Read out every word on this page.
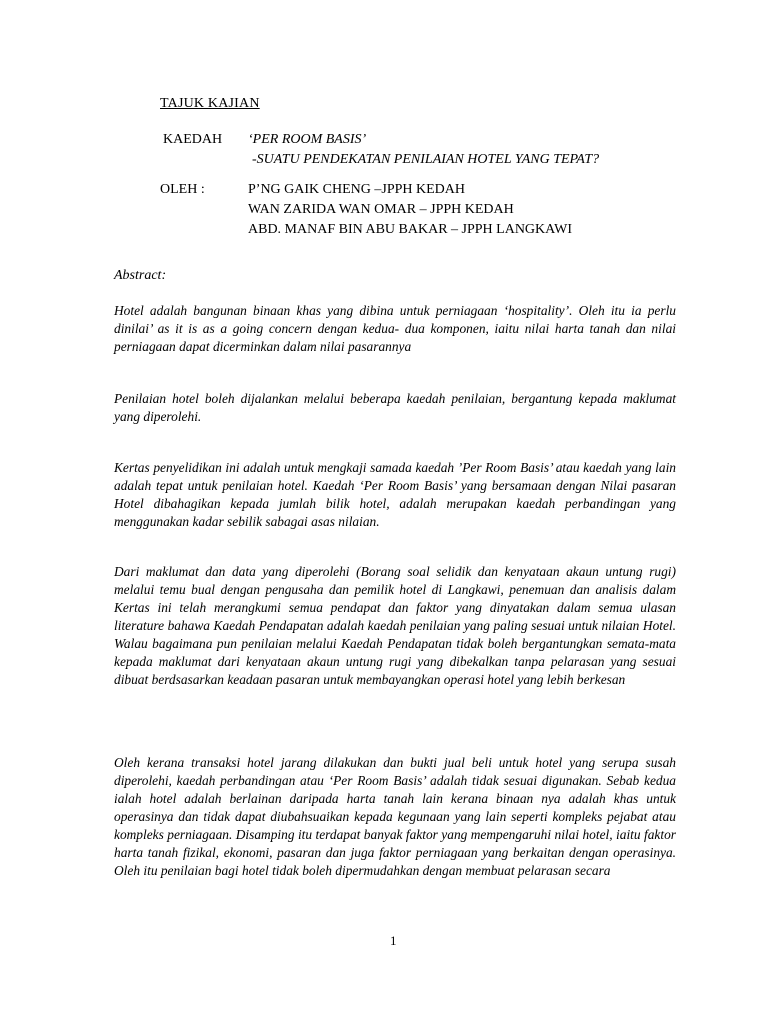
TAJUK KAJIAN
KAEDAH ‘PER ROOM BASIS’
-SUATU PENDEKATAN PENILAIAN HOTEL YANG TEPAT?
OLEH :	P’NG GAIK CHENG –JPPH KEDAH
WAN ZARIDA WAN OMAR – JPPH KEDAH
ABD. MANAF BIN ABU BAKAR – JPPH LANGKAWI
Abstract:

Hotel adalah bangunan binaan khas yang dibina untuk perniagaan ‘hospitality’. Oleh itu ia perlu dinilai’ as it is as a going concern dengan kedua- dua komponen, iaitu nilai harta tanah dan nilai perniagaan dapat dicerminkan dalam nilai pasarannya

Penilaian hotel boleh dijalankan melalui beberapa kaedah penilaian, bergantung kepada maklumat yang diperolehi.

Kertas penyelidikan ini adalah untuk mengkaji samada kaedah ’Per Room Basis’ atau kaedah yang lain adalah tepat untuk penilaian hotel. Kaedah ‘Per Room Basis’ yang bersamaan dengan Nilai pasaran Hotel dibahagikan kepada jumlah bilik hotel, adalah merupakan kaedah perbandingan yang menggunakan kadar sebilik sabagai asas nilaian.

Dari maklumat dan data yang diperolehi (Borang soal selidik dan kenyataan akaun untung rugi) melalui temu bual dengan pengusaha dan pemilik hotel di Langkawi, penemuan dan analisis dalam Kertas ini telah merangkumi semua pendapat dan faktor yang dinyatakan dalam semua ulasan literature bahawa Kaedah Pendapatan adalah kaedah penilaian yang paling sesuai untuk nilaian Hotel. Walau bagaimana pun penilaian melalui Kaedah Pendapatan tidak boleh bergantungkan semata-mata kepada maklumat dari kenyataan akaun untung rugi yang dibekalkan tanpa pelarasan yang sesuai dibuat berdsasarkan keadaan pasaran untuk membayangkan operasi hotel yang lebih berkesan

Oleh kerana transaksi hotel jarang dilakukan dan bukti jual beli untuk hotel yang serupa susah diperolehi, kaedah perbandingan atau ‘Per Room Basis’ adalah tidak sesuai digunakan. Sebab kedua ialah hotel adalah berlainan daripada harta tanah lain kerana binaan nya adalah khas untuk operasinya dan tidak dapat diubahsuaikan kepada kegunaan yang lain seperti kompleks pejabat atau kompleks perniagaan. Disamping itu terdapat banyak faktor yang mempengaruhi nilai hotel, iaitu faktor harta tanah fizikal, ekonomi, pasaran dan juga faktor perniagaan yang berkaitan dengan operasinya. Oleh itu penilaian bagi hotel tidak boleh dipermudahkan dengan membuat pelarasan secara

1
